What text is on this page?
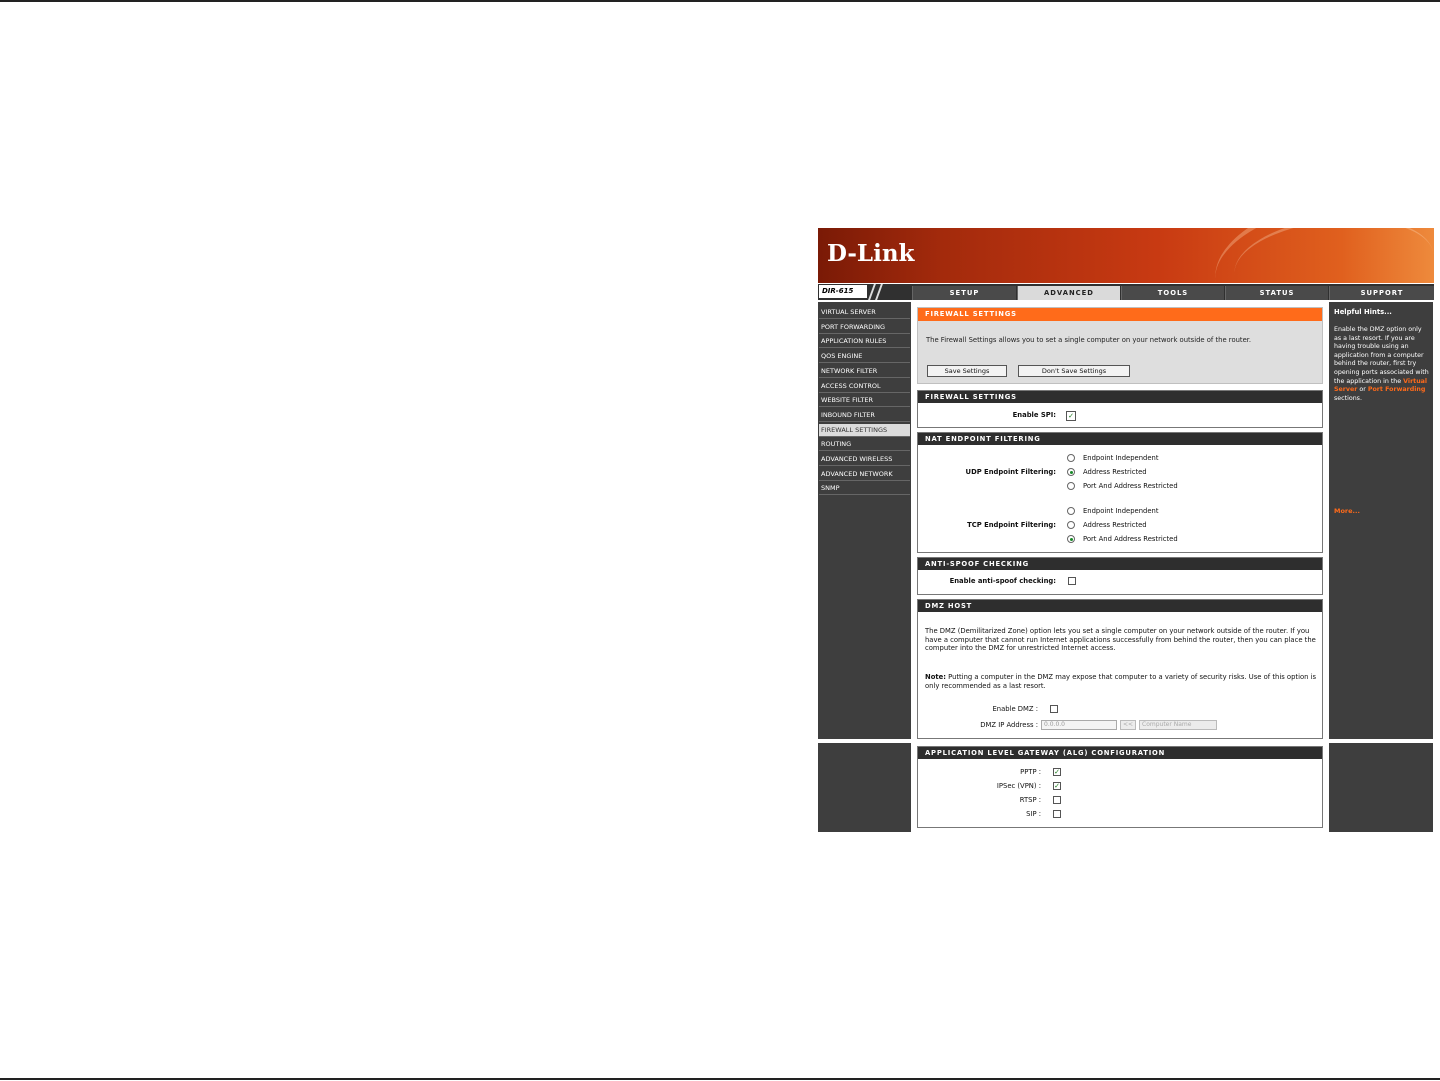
D-Link
DIR-615	SETUP	ADVANCED	TOOLS	STATUS	SUPPORT
VIRTUAL SERVER
PORT FORWARDING
APPLICATION RULES
QOS ENGINE
NETWORK FILTER
ACCESS CONTROL
WEBSITE FILTER
INBOUND FILTER
FIREWALL SETTINGS
ROUTING
ADVANCED WIRELESS
ADVANCED NETWORK
SNMP
Helpful Hints...
Enable the DMZ option only as a last resort. If you are having trouble using an application from a computer behind the router, first try opening ports associated with the application in the Virtual Server or Port Forwarding sections.
More...
FIREWALL SETTINGS
The Firewall Settings allows you to set a single computer on your network outside of the router.
Save Settings	Don't Save Settings
FIREWALL SETTINGS
Enable SPI: ✓
NAT ENDPOINT FILTERING
UDP Endpoint Filtering:
Endpoint Independent
Address Restricted
Port And Address Restricted
TCP Endpoint Filtering:
Endpoint Independent
Address Restricted
Port And Address Restricted
ANTI-SPOOF CHECKING
Enable anti-spoof checking:
DMZ HOST
The DMZ (Demilitarized Zone) option lets you set a single computer on your network outside of the router. If you have a computer that cannot run Internet applications successfully from behind the router, then you can place the computer into the DMZ for unrestricted Internet access.
Note: Putting a computer in the DMZ may expose that computer to a variety of security risks. Use of this option is only recommended as a last resort.
Enable DMZ :
DMZ IP Address :	0.0.0.0	<<	Computer Name
APPLICATION LEVEL GATEWAY (ALG) CONFIGURATION
PPTP : ✓
IPSec (VPN) : ✓
RTSP :
SIP :
